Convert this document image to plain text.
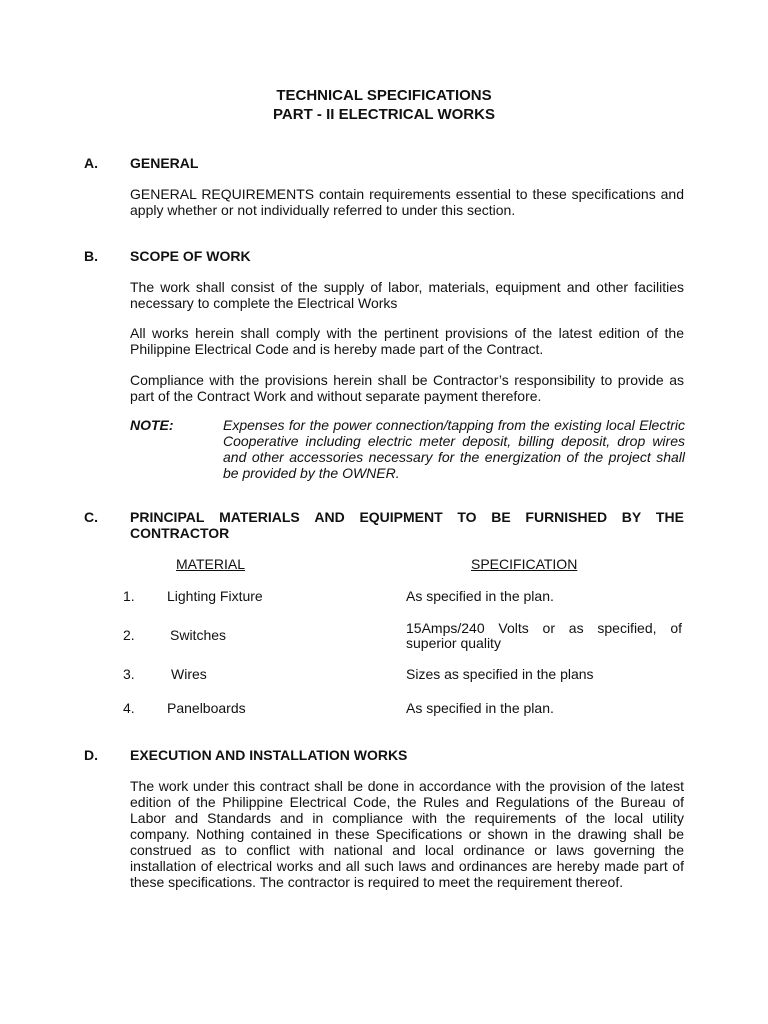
TECHNICAL SPECIFICATIONS
PART - II ELECTRICAL WORKS
A. GENERAL
GENERAL REQUIREMENTS contain requirements essential to these specifications and apply whether or not individually referred to under this section.
B. SCOPE OF WORK
The work shall consist of the supply of labor, materials, equipment and other facilities necessary to complete the Electrical Works
All works herein shall comply with the pertinent provisions of the latest edition of the Philippine Electrical Code and is hereby made part of the Contract.
Compliance with the provisions herein shall be Contractor’s responsibility to provide as part of the Contract Work and without separate payment therefore.
NOTE:	Expenses for the power connection/tapping from the existing local Electric Cooperative including electric meter deposit, billing deposit, drop wires and other accessories necessary for the energization of the project shall be provided by the OWNER.
C. PRINCIPAL MATERIALS AND EQUIPMENT TO BE FURNISHED BY THE
CONTRACTOR
MATERIAL	SPECIFICATION
1. Lighting Fixture	As specified in the plan.
2.	Switches	15Amps/240 Volts or as specified, of
superior quality
3.	Wires	Sizes as specified in the plans
4. Panelboards	As specified in the plan.
D. EXECUTION AND INSTALLATION WORKS
The work under this contract shall be done in accordance with the provision of the latest edition of the Philippine Electrical Code, the Rules and Regulations of the Bureau of Labor and Standards and in compliance with the requirements of the local utility company. Nothing contained in these Specifications or shown in the drawing shall be construed as to conflict with national and local ordinance or laws governing the installation of electrical works and all such laws and ordinances are hereby made part of these specifications. The contractor is required to meet the requirement thereof.
